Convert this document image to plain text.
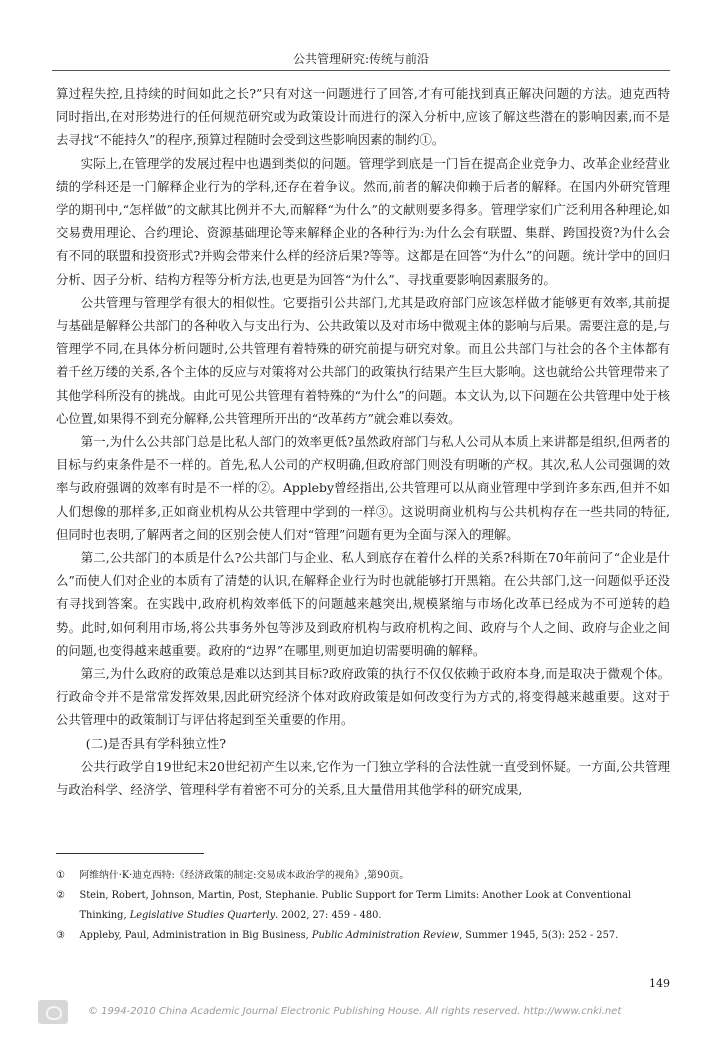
公共管理研究:传统与前沿

算过程失控,且持续的时间如此之长?”只有对这一问题进行了回答,才有可能找到真正解决问题的方法。迪克西特同时指出,在对形势进行的任何规范研究或为政策设计而进行的深入分析中,应该了解这些潜在的影响因素,而不是去寻找“不能持久”的程序,预算过程随时会受到这些影响因素的制约①。

实际上,在管理学的发展过程中也遇到类似的问题。管理学到底是一门旨在提高企业竞争力、改革企业经营业绩的学科还是一门解释企业行为的学科,还存在着争议。然而,前者的解决仰赖于后者的解释。在国内外研究管理学的期刊中,“怎样做”的文献其比例并不大,而解释“为什么”的文献则要多得多。管理学家们广泛利用各种理论,如交易费用理论、合约理论、资源基础理论等来解释企业的各种行为:为什么会有联盟、集群、跨国投资?为什么会有不同的联盟和投资形式?并购会带来什么样的经济后果?等等。这都是在回答“为什么”的问题。统计学中的回归分析、因子分析、结构方程等分析方法,也更是为回答“为什么”、寻找重要影响因素服务的。

公共管理与管理学有很大的相似性。它要指引公共部门,尤其是政府部门应该怎样做才能够更有效率,其前提与基础是解释公共部门的各种收入与支出行为、公共政策以及对市场中微观主体的影响与后果。需要注意的是,与管理学不同,在具体分析问题时,公共管理有着特殊的研究前提与研究对象。而且公共部门与社会的各个主体都有着千丝万缕的关系,各个主体的反应与对策将对公共部门的政策执行结果产生巨大影响。这也就给公共管理带来了其他学科所没有的挑战。由此可见公共管理有着特殊的“为什么”的问题。本文认为,以下问题在公共管理中处于核心位置,如果得不到充分解释,公共管理所开出的“改革药方”就会难以奏效。

第一,为什么公共部门总是比私人部门的效率更低?虽然政府部门与私人公司从本质上来讲都是组织,但两者的目标与约束条件是不一样的。首先,私人公司的产权明确,但政府部门则没有明晰的产权。其次,私人公司强调的效率与政府强调的效率有时是不一样的②。Appleby曾经指出,公共管理可以从商业管理中学到许多东西,但并不如人们想像的那样多,正如商业机构从公共管理中学到的一样③。这说明商业机构与公共机构存在一些共同的特征,但同时也表明,了解两者之间的区别会使人们对“管理”问题有更为全面与深入的理解。

第二,公共部门的本质是什么?公共部门与企业、私人到底存在着什么样的关系?科斯在70年前问了“企业是什么”而使人们对企业的本质有了清楚的认识,在解释企业行为时也就能够打开黑箱。在公共部门,这一问题似乎还没有寻找到答案。在实践中,政府机构效率低下的问题越来越突出,规模紧缩与市场化改革已经成为不可逆转的趋势。此时,如何利用市场,将公共事务外包等涉及到政府机构与政府机构之间、政府与个人之间、政府与企业之间的问题,也变得越来越重要。政府的“边界”在哪里,则更加迫切需要明确的解释。

第三,为什么政府的政策总是难以达到其目标?政府政策的执行不仅仅依赖于政府本身,而是取决于微观个体。行政命令并不是常常发挥效果,因此研究经济个体对政府政策是如何改变行为方式的,将变得越来越重要。这对于公共管理中的政策制订与评估将起到至关重要的作用。

(二)是否具有学科独立性?

公共行政学自19世纪末20世纪初产生以来,它作为一门独立学科的合法性就一直受到怀疑。一方面,公共管理与政治科学、经济学、管理科学有着密不可分的关系,且大量借用其他学科的研究成果,

① 阿维纳什·K·迪克西特:《经济政策的制定:交易成本政治学的视角》,第90页。

② Stein, Robert, Johnson, Martin, Post, Stephanie. Public Support for Term Limits: Another Look at Conventional Thinking, Legislative Studies Quarterly. 2002, 27: 459 - 480.

③ Appleby, Paul, Administration in Big Business, Public Administration Review, Summer 1945, 5(3): 252 - 257.

149
© 1994-2010 China Academic Journal Electronic Publishing House. All rights reserved. http://www.cnki.net
